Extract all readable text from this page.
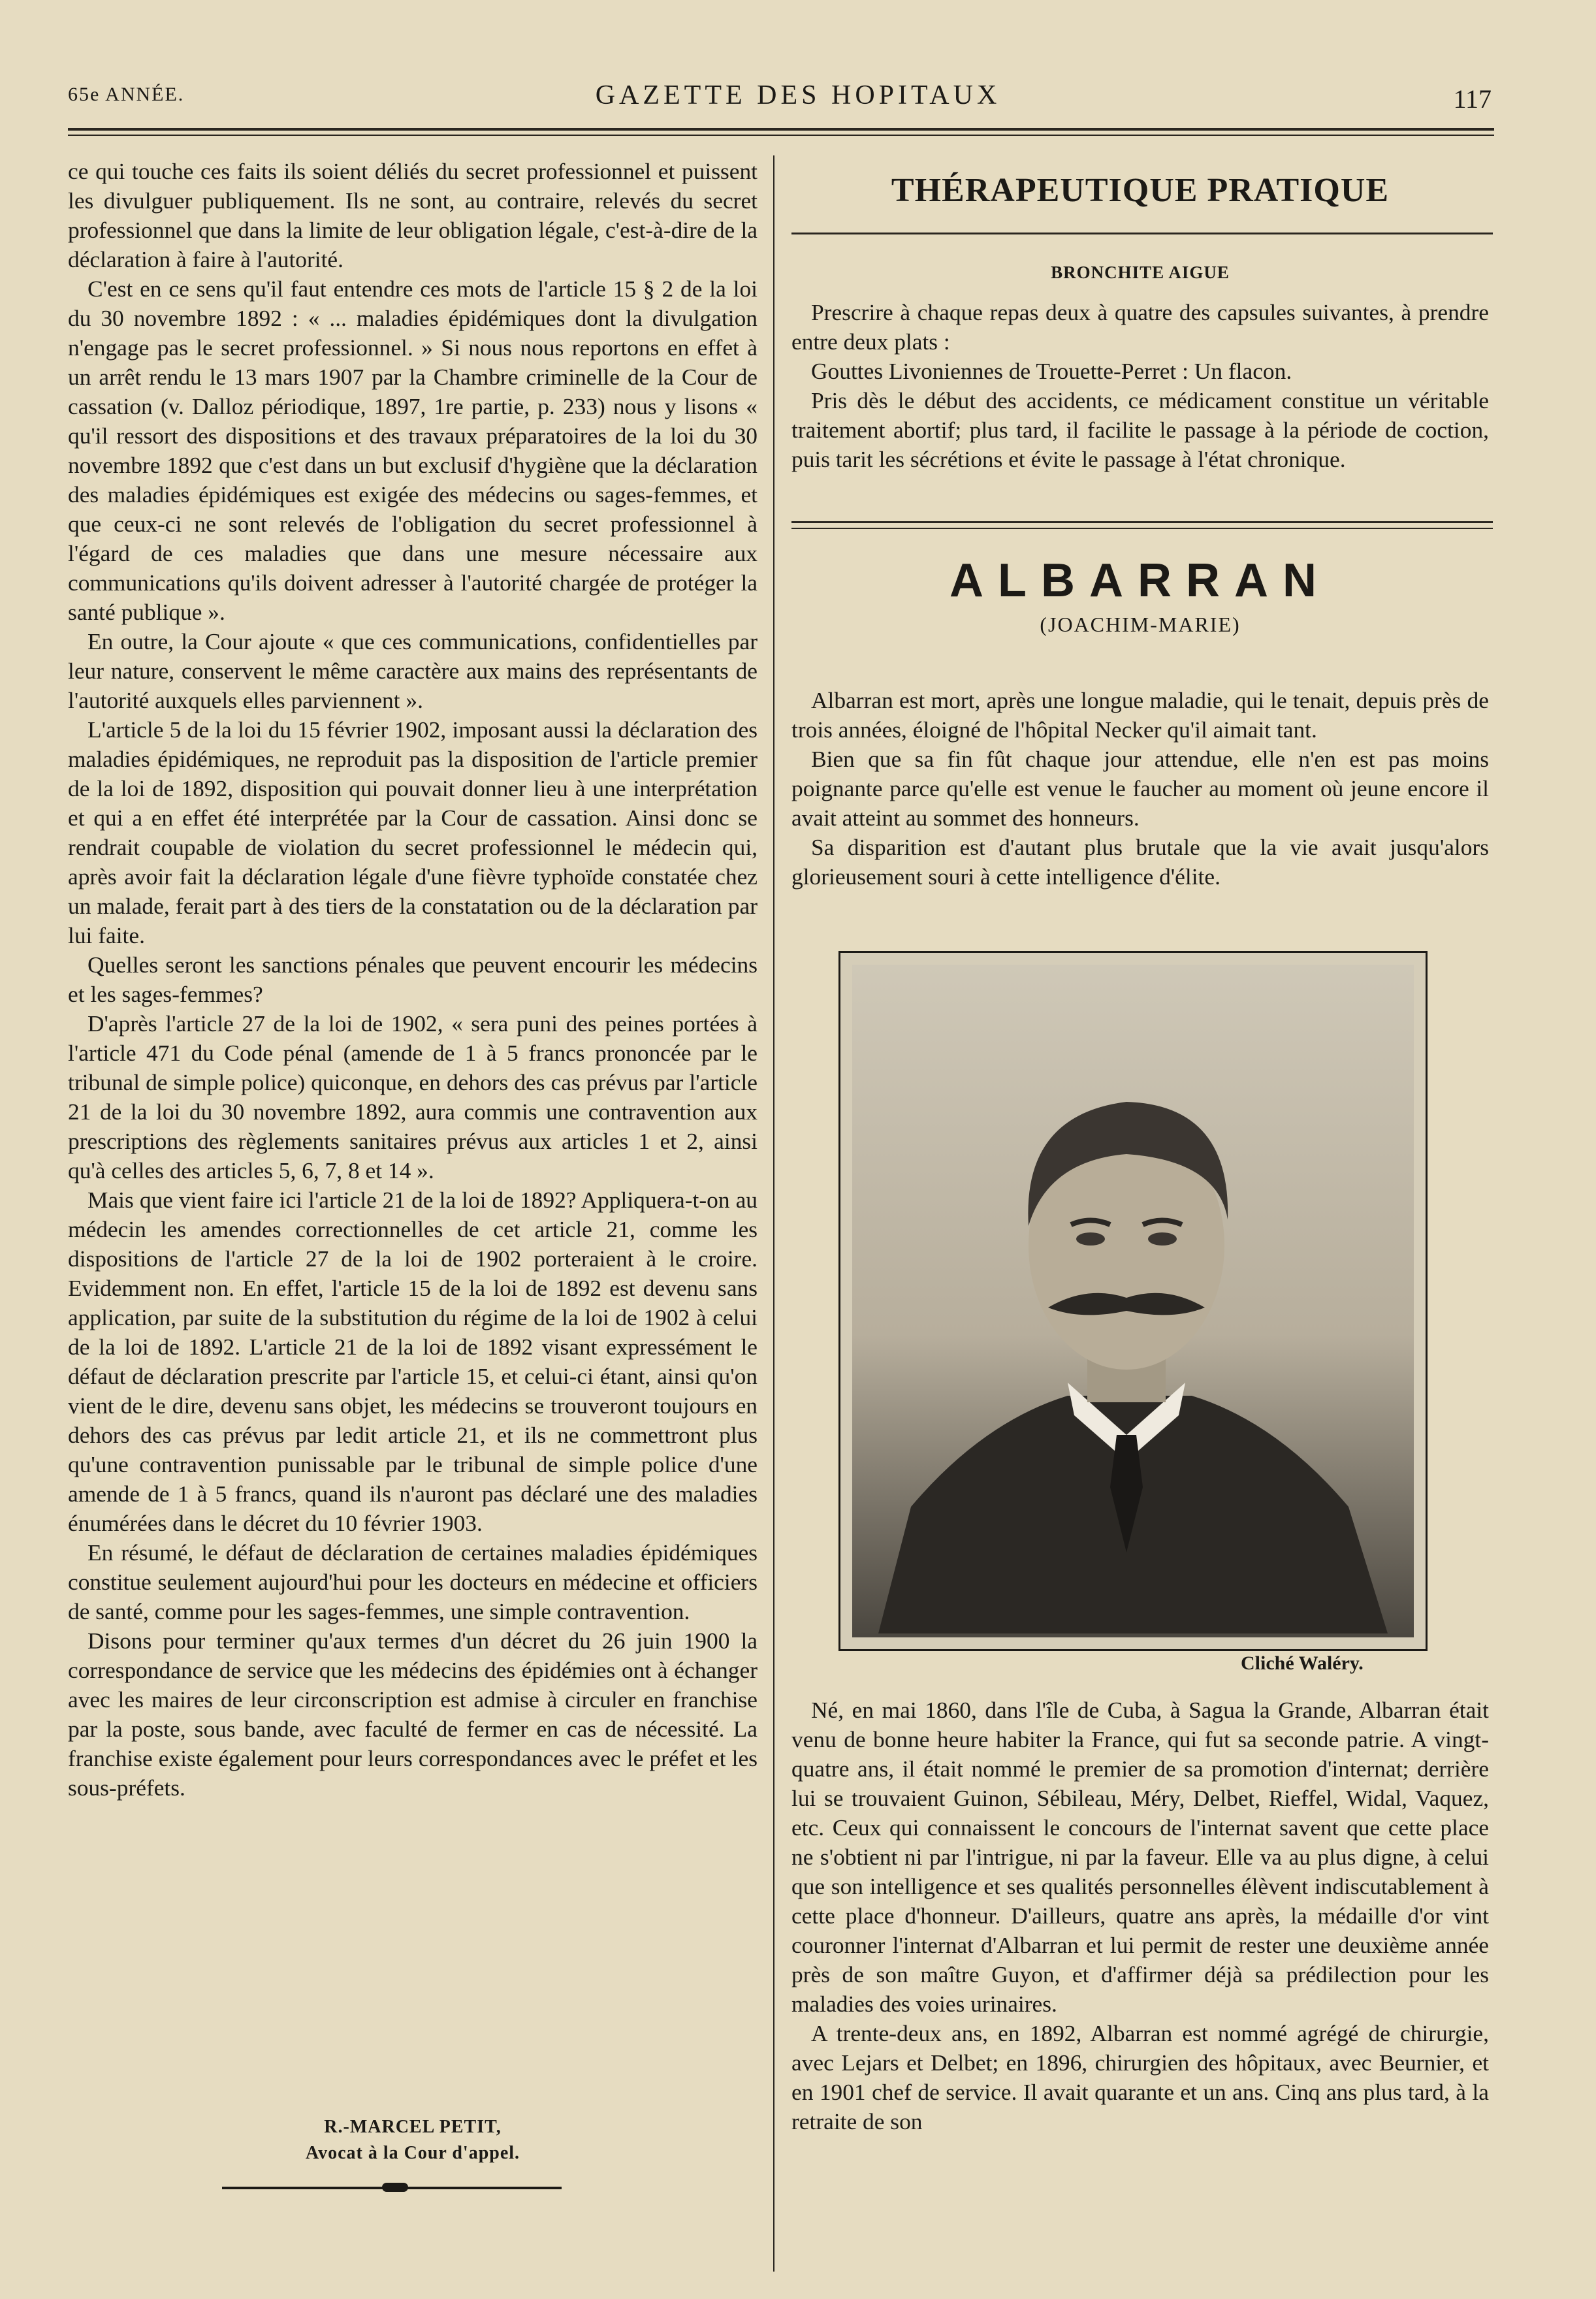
65e ANNÉE.	GAZETTE DES HOPITAUX	117

ce qui touche ces faits ils soient déliés du secret professionnel et puissent les divulguer publiquement. Ils ne sont, au contraire, relevés du secret professionnel que dans la limite de leur obligation légale, c'est-à-dire de la déclaration à faire à l'autorité.

C'est en ce sens qu'il faut entendre ces mots de l'article 15 § 2 de la loi du 30 novembre 1892 : « ... maladies épidémiques dont la divulgation n'engage pas le secret professionnel. » Si nous nous reportons en effet à un arrêt rendu le 13 mars 1907 par la Chambre criminelle de la Cour de cassation (v. Dalloz périodique, 1897, 1re partie, p. 233) nous y lisons « qu'il ressort des dispositions et des travaux préparatoires de la loi du 30 novembre 1892 que c'est dans un but exclusif d'hygiène que la déclaration des maladies épidémiques est exigée des médecins ou sages-femmes, et que ceux-ci ne sont relevés de l'obligation du secret professionnel à l'égard de ces maladies que dans une mesure nécessaire aux communications qu'ils doivent adresser à l'autorité chargée de protéger la santé publique ».

En outre, la Cour ajoute « que ces communications, confidentielles par leur nature, conservent le même caractère aux mains des représentants de l'autorité auxquels elles parviennent ».

L'article 5 de la loi du 15 février 1902, imposant aussi la déclaration des maladies épidémiques, ne reproduit pas la disposition de l'article premier de la loi de 1892, disposition qui pouvait donner lieu à une interprétation et qui a en effet été interprétée par la Cour de cassation. Ainsi donc se rendrait coupable de violation du secret professionnel le médecin qui, après avoir fait la déclaration légale d'une fièvre typhoïde constatée chez un malade, ferait part à des tiers de la constatation ou de la déclaration par lui faite.

Quelles seront les sanctions pénales que peuvent encourir les médecins et les sages-femmes?

D'après l'article 27 de la loi de 1902, « sera puni des peines portées à l'article 471 du Code pénal (amende de 1 à 5 francs prononcée par le tribunal de simple police) quiconque, en dehors des cas prévus par l'article 21 de la loi du 30 novembre 1892, aura commis une contravention aux prescriptions des règlements sanitaires prévus aux articles 1 et 2, ainsi qu'à celles des articles 5, 6, 7, 8 et 14 ».

Mais que vient faire ici l'article 21 de la loi de 1892? Appliquera-t-on au médecin les amendes correctionnelles de cet article 21, comme les dispositions de l'article 27 de la loi de 1902 porteraient à le croire. Evidemment non. En effet, l'article 15 de la loi de 1892 est devenu sans application, par suite de la substitution du régime de la loi de 1902 à celui de la loi de 1892. L'article 21 de la loi de 1892 visant expressément le défaut de déclaration prescrite par l'article 15, et celui-ci étant, ainsi qu'on vient de le dire, devenu sans objet, les médecins se trouveront toujours en dehors des cas prévus par ledit article 21, et ils ne commettront plus qu'une contravention punissable par le tribunal de simple police d'une amende de 1 à 5 francs, quand ils n'auront pas déclaré une des maladies énumérées dans le décret du 10 février 1903.

En résumé, le défaut de déclaration de certaines maladies épidémiques constitue seulement aujourd'hui pour les docteurs en médecine et officiers de santé, comme pour les sages-femmes, une simple contravention.

Disons pour terminer qu'aux termes d'un décret du 26 juin 1900 la correspondance de service que les médecins des épidémies ont à échanger avec les maires de leur circonscription est admise à circuler en franchise par la poste, sous bande, avec faculté de fermer en cas de nécessité. La franchise existe également pour leurs correspondances avec le préfet et les sous-préfets.

R.-MARCEL PETIT,
Avocat à la Cour d'appel.
THÉRAPEUTIQUE PRATIQUE
BRONCHITE AIGUE

Prescrire à chaque repas deux à quatre des capsules suivantes, à prendre entre deux plats :

Gouttes Livoniennes de Trouette-Perret : Un flacon.

Pris dès le début des accidents, ce médicament constitue un véritable traitement abortif; plus tard, il facilite le passage à la période de coction, puis tarit les sécrétions et évite le passage à l'état chronique.

ALBARRAN
(JOACHIM-MARIE)

Albarran est mort, après une longue maladie, qui le tenait, depuis près de trois années, éloigné de l'hôpital Necker qu'il aimait tant.

Bien que sa fin fût chaque jour attendue, elle n'en est pas moins poignante parce qu'elle est venue le faucher au moment où jeune encore il avait atteint au sommet des honneurs.

Sa disparition est d'autant plus brutale que la vie avait jusqu'alors glorieusement souri à cette intelligence d'élite.

Cliché Waléry.

Né, en mai 1860, dans l'île de Cuba, à Sagua la Grande, Albarran était venu de bonne heure habiter la France, qui fut sa seconde patrie. A vingt-quatre ans, il était nommé le premier de sa promotion d'internat; derrière lui se trouvaient Guinon, Sébileau, Méry, Delbet, Rieffel, Widal, Vaquez, etc. Ceux qui connaissent le concours de l'internat savent que cette place ne s'obtient ni par l'intrigue, ni par la faveur. Elle va au plus digne, à celui que son intelligence et ses qualités personnelles élèvent indiscutablement à cette place d'honneur. D'ailleurs, quatre ans après, la médaille d'or vint couronner l'internat d'Albarran et lui permit de rester une deuxième année près de son maître Guyon, et d'affirmer déjà sa prédilection pour les maladies des voies urinaires.

A trente-deux ans, en 1892, Albarran est nommé agrégé de chirurgie, avec Lejars et Delbet; en 1896, chirurgien des hôpitaux, avec Beurnier, et en 1901 chef de service. Il avait quarante et un ans. Cinq ans plus tard, à la retraite de son
